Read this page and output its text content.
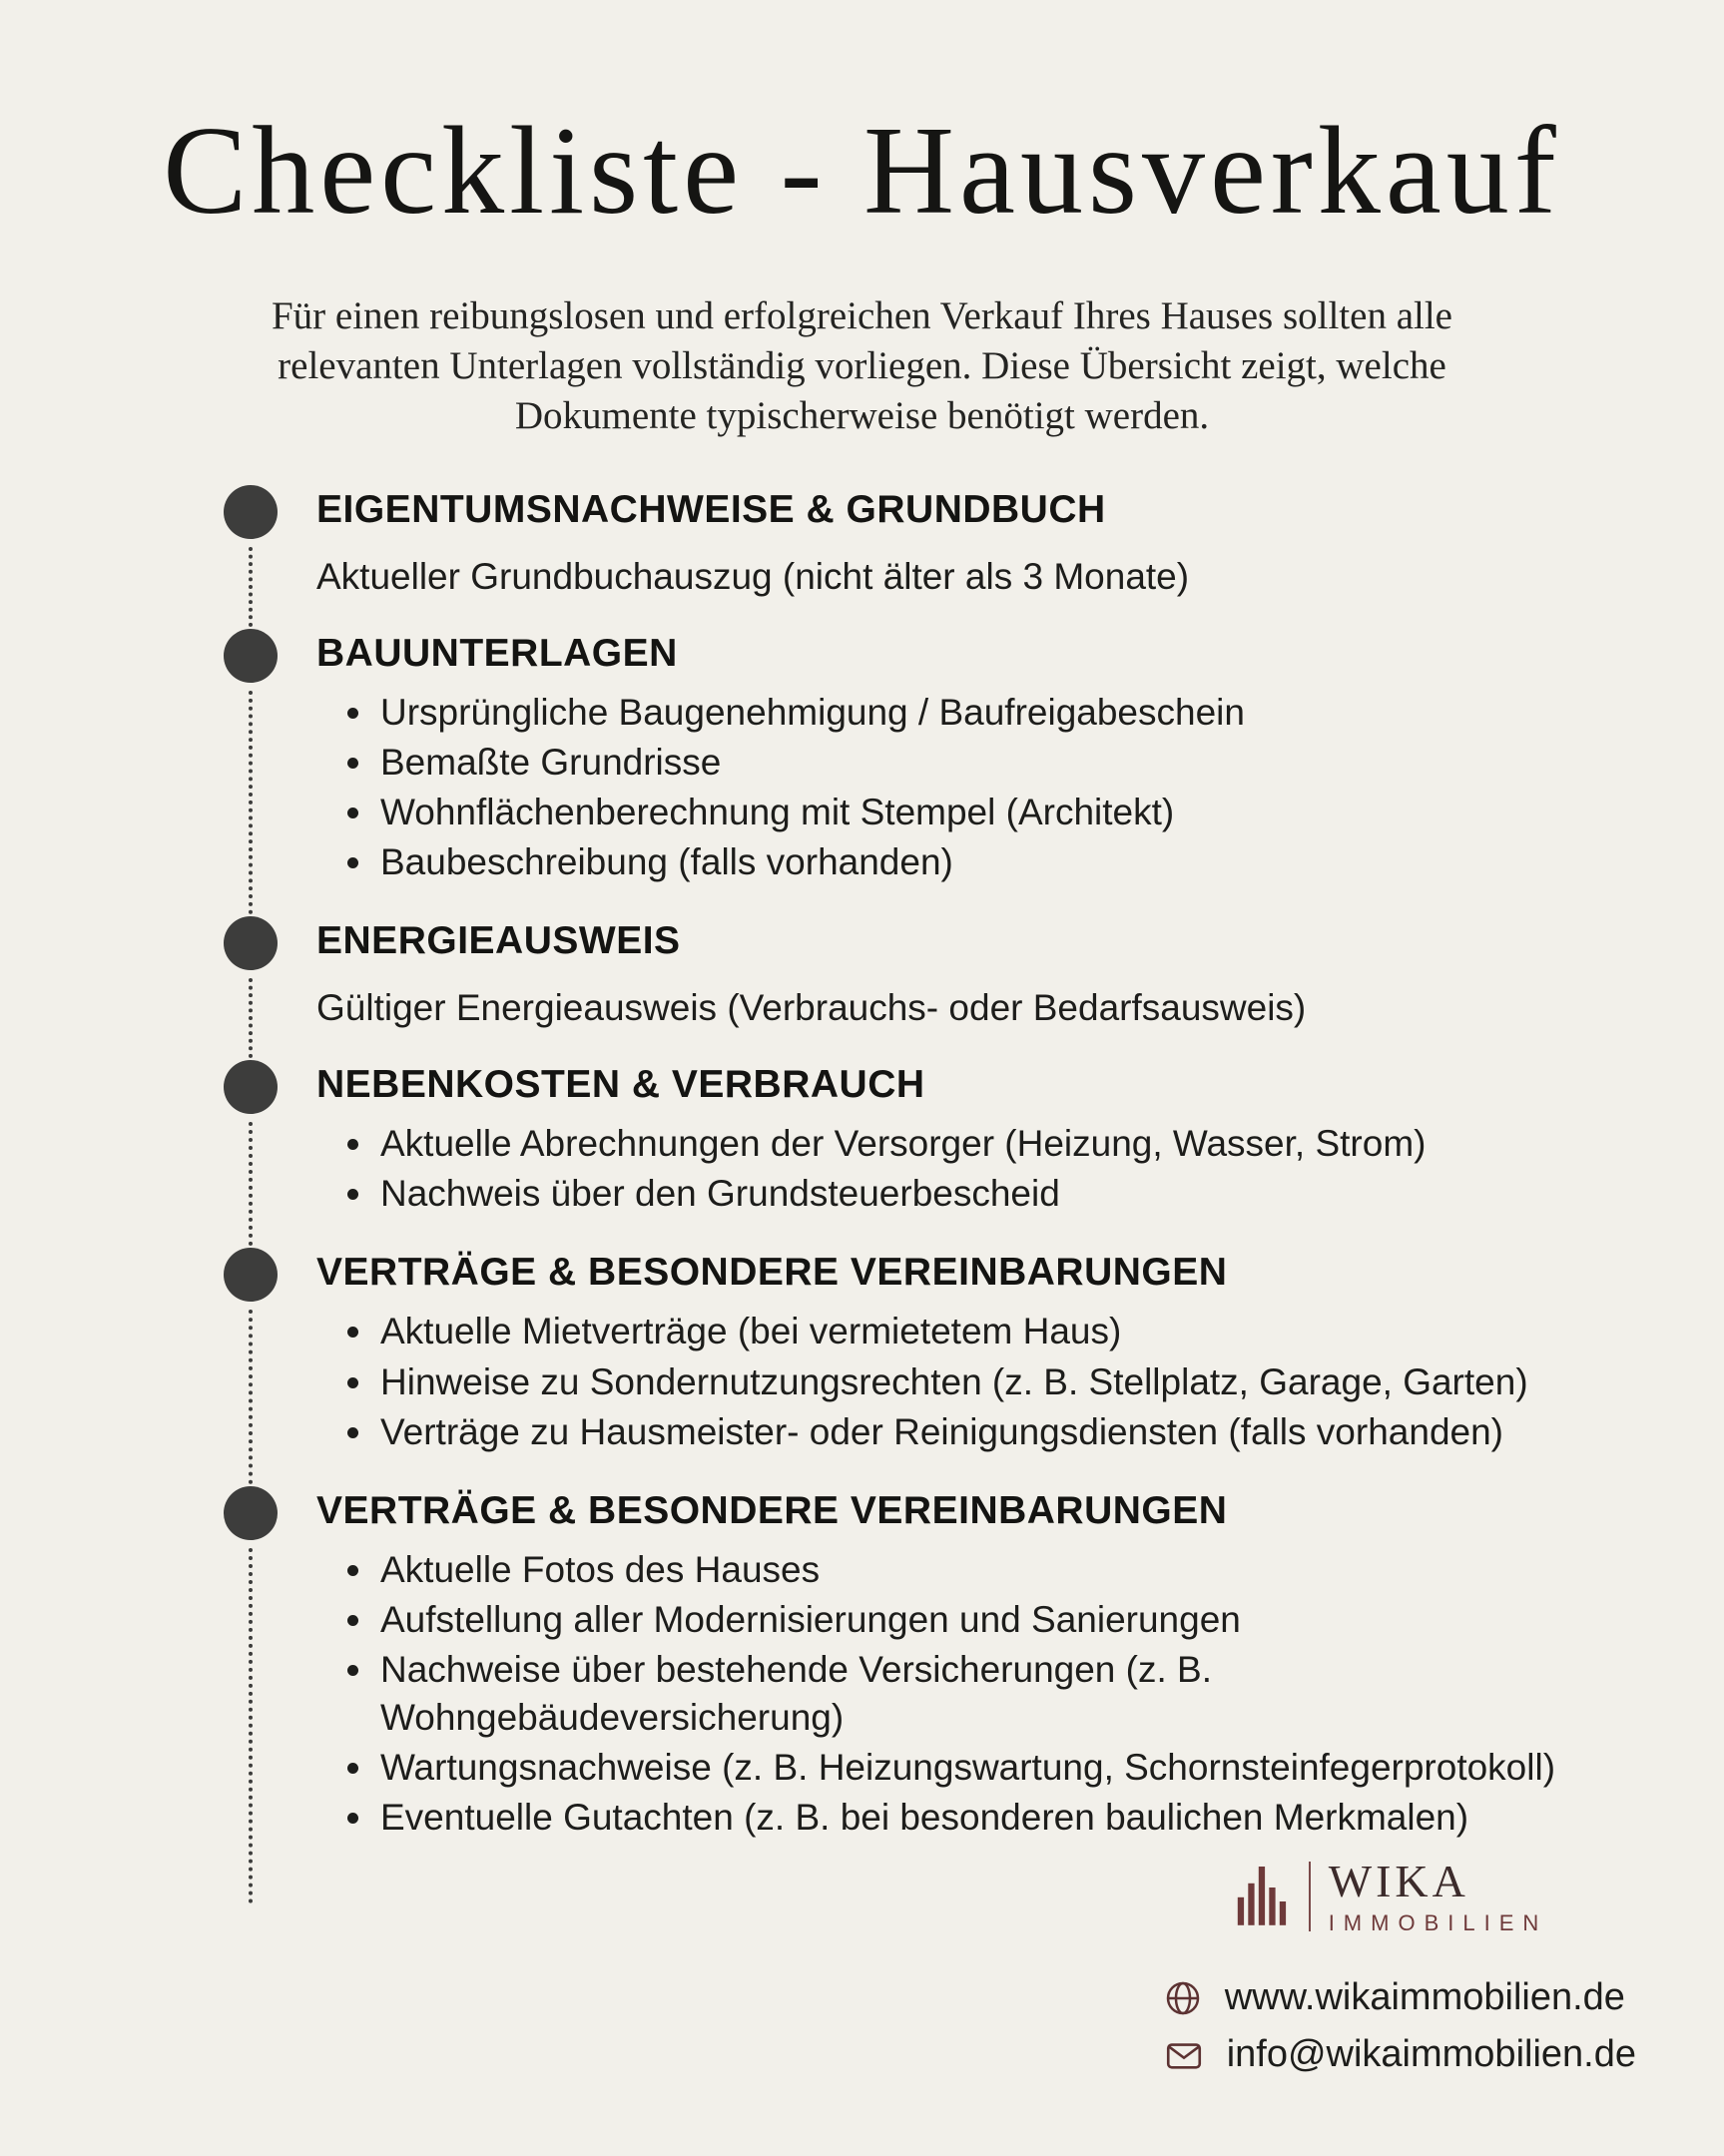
Checkliste - Hausverkauf

Für einen reibungslosen und erfolgreichen Verkauf Ihres Hauses sollten alle relevanten Unterlagen vollständig vorliegen. Diese Übersicht zeigt, welche Dokumente typischerweise benötigt werden.

EIGENTUMSNACHWEISE & GRUNDBUCH
Aktueller Grundbuchauszug (nicht älter als 3 Monate)
BAUUNTERLAGEN
• Ursprüngliche Baugenehmigung / Baufreigabeschein
• Bemaßte Grundrisse
• Wohnflächenberechnung mit Stempel (Architekt)
• Baubeschreibung (falls vorhanden)
ENERGIEAUSWEIS
Gültiger Energieausweis (Verbrauchs- oder Bedarfsausweis)
NEBENKOSTEN & VERBRAUCH
• Aktuelle Abrechnungen der Versorger (Heizung, Wasser, Strom)
• Nachweis über den Grundsteuerbescheid
VERTRÄGE & BESONDERE VEREINBARUNGEN
• Aktuelle Mietverträge (bei vermietetem Haus)
• Hinweise zu Sondernutzungsrechten (z. B. Stellplatz, Garage, Garten)
• Verträge zu Hausmeister- oder Reinigungsdiensten (falls vorhanden)
VERTRÄGE & BESONDERE VEREINBARUNGEN
• Aktuelle Fotos des Hauses
• Aufstellung aller Modernisierungen und Sanierungen
• Nachweise über bestehende Versicherungen (z. B. Wohngebäudeversicherung)
• Wartungsnachweise (z. B. Heizungswartung, Schornsteinfegerprotokoll)
• Eventuelle Gutachten (z. B. bei besonderen baulichen Merkmalen)
WIKA
IMMOBILIEN
www.wikaimmobilien.de
info@wikaimmobilien.de
